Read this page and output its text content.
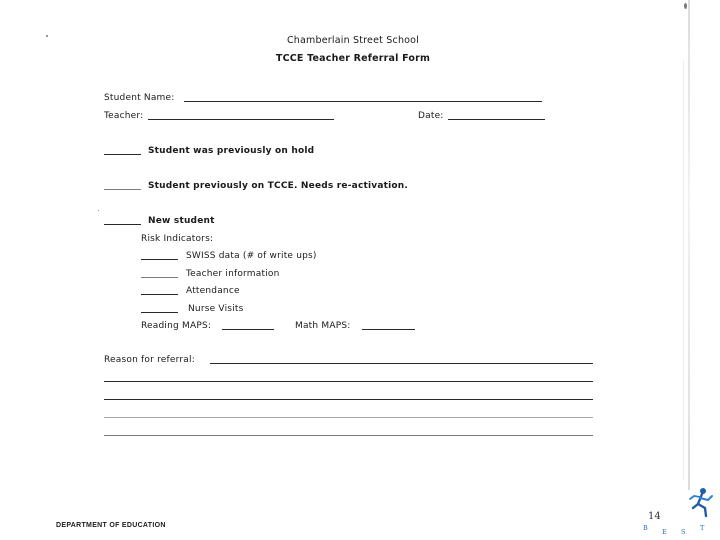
Chamberlain Street School
TCCE Teacher Referral Form
Student Name:
Teacher:	Date:
Student was previously on hold
Student previously on TCCE. Needs re-activation.
New student
Risk Indicators:
SWISS data (# of write ups)
Teacher information
Attendance
Nurse Visits
Reading MAPS:	Math MAPS:
Reason for referral:
DEPARTMENT OF EDUCATION
14
B E S T
